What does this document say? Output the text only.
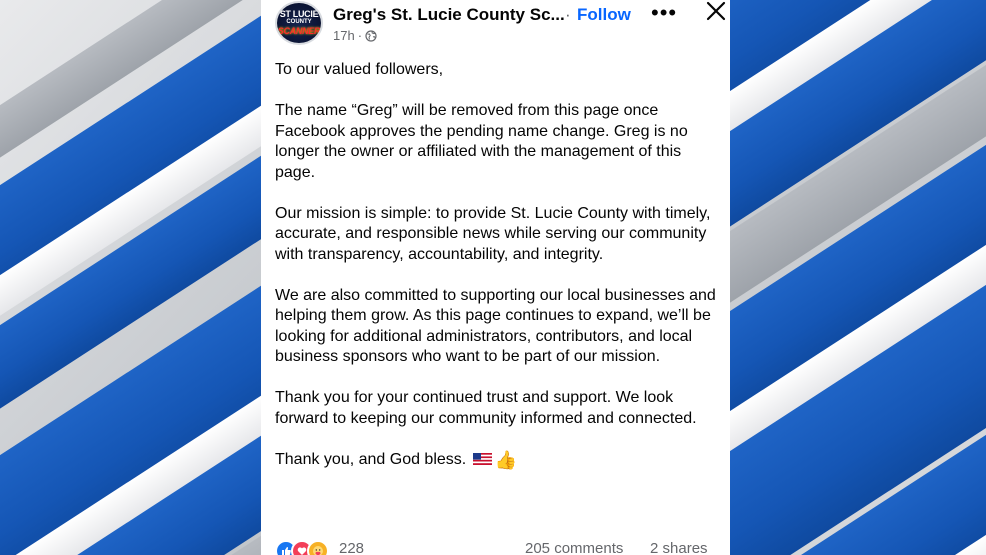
ST LUCIE
COUNTY
SCANNER
Greg's St. Lucie County Sc... · Follow •••
17h ·

To our valued followers,

The name “Greg” will be removed from this page once Facebook approves the pending name change. Greg is no longer the owner or affiliated with the management of this page.

Our mission is simple: to provide St. Lucie County with timely, accurate, and responsible news while serving our community with transparency, accountability, and integrity.

We are also committed to supporting our local businesses and helping them grow. As this page continues to expand, we’ll be looking for additional administrators, contributors, and local business sponsors who want to be part of our mission.

Thank you for your continued trust and support. We look forward to keeping our community informed and connected.

Thank you, and God bless. 👍

228	205 comments 2 shares
